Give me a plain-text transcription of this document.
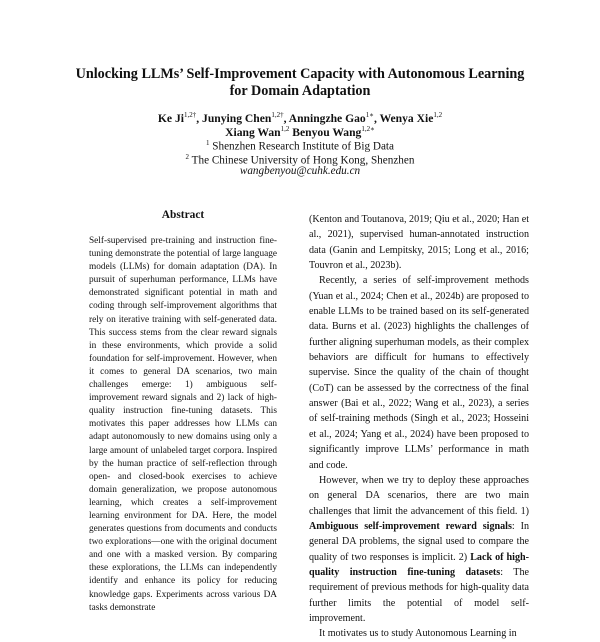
Unlocking LLMs’ Self-Improvement Capacity with Autonomous Learning
for Domain Adaptation
Ke $Ji^{1,2\dagger}$, Junying Chen$^{1,2\dagger}$, Anningzhe Gao$^{1∗}$, Wenya Xie$^{1,2}$
Xiang Wan$^{1,2}$ Benyou Wang$^{1,2∗}$
$^1$ Shenzhen Research Institute of Big Data
$^2$ The Chinese University of Hong Kong, Shenzhen
wangbenyou@cuhk.edu.cn
Abstract

Self-supervised pre-training and instruction fine-tuning demonstrate the potential of large language models (LLMs) for domain adaptation (DA). In pursuit of superhuman performance, LLMs have demonstrated significant potential in math and coding through self-improvement algorithms that rely on iterative training with self-generated data. This success stems from the clear reward signals in these environments, which provide a solid foundation for self-improvement. However, when it comes to general DA scenarios, two main challenges emerge: 1) ambiguous self-improvement reward signals and 2) lack of high-quality instruction fine-tuning datasets. This motivates this paper addresses how LLMs can adapt autonomously to new domains using only a large amount of unlabeled target corpora. Inspired by the human practice of self-reflection through open- and closed-book exercises to achieve domain generalization, we propose autonomous learning, which creates a self-improvement learning environment for DA. Here, the model generates questions from documents and conducts two explorations—one with the original document and one with a masked version. By comparing these explorations, the LLMs can independently identify and enhance its policy for reducing knowledge gaps. Experiments across various DA tasks demonstrate

(Kenton and Toutanova, 2019; Qiu et al., 2020; Han et al., 2021), supervised human-annotated instruction data (Ganin and Lempitsky, 2015; Long et al., 2016; Touvron et al., 2023b).

Recently, a series of self-improvement methods (Yuan et al., 2024; Chen et al., 2024b) are proposed to enable LLMs to be trained based on its self-generated data. Burns et al. (2023) highlights the challenges of further aligning superhuman models, as their complex behaviors are difficult for humans to effectively supervise. Since the quality of the chain of thought (CoT) can be assessed by the correctness of the final answer (Bai et al., 2022; Wang et al., 2023), a series of self-training methods (Singh et al., 2023; Hosseini et al., 2024; Yang et al., 2024) have been proposed to significantly improve LLMs’ performance in math and code.

However, when we try to deploy these approaches on general DA scenarios, there are two main challenges that limit the advancement of this field. 1) Ambiguous self-improvement reward signals: In general DA problems, the signal used to compare the quality of two responses is implicit. 2) Lack of high-quality instruction fine-tuning datasets: The requirement of previous methods for high-quality data further limits the potential of model self-improvement.

It motivates us to study Autonomous Learning in
